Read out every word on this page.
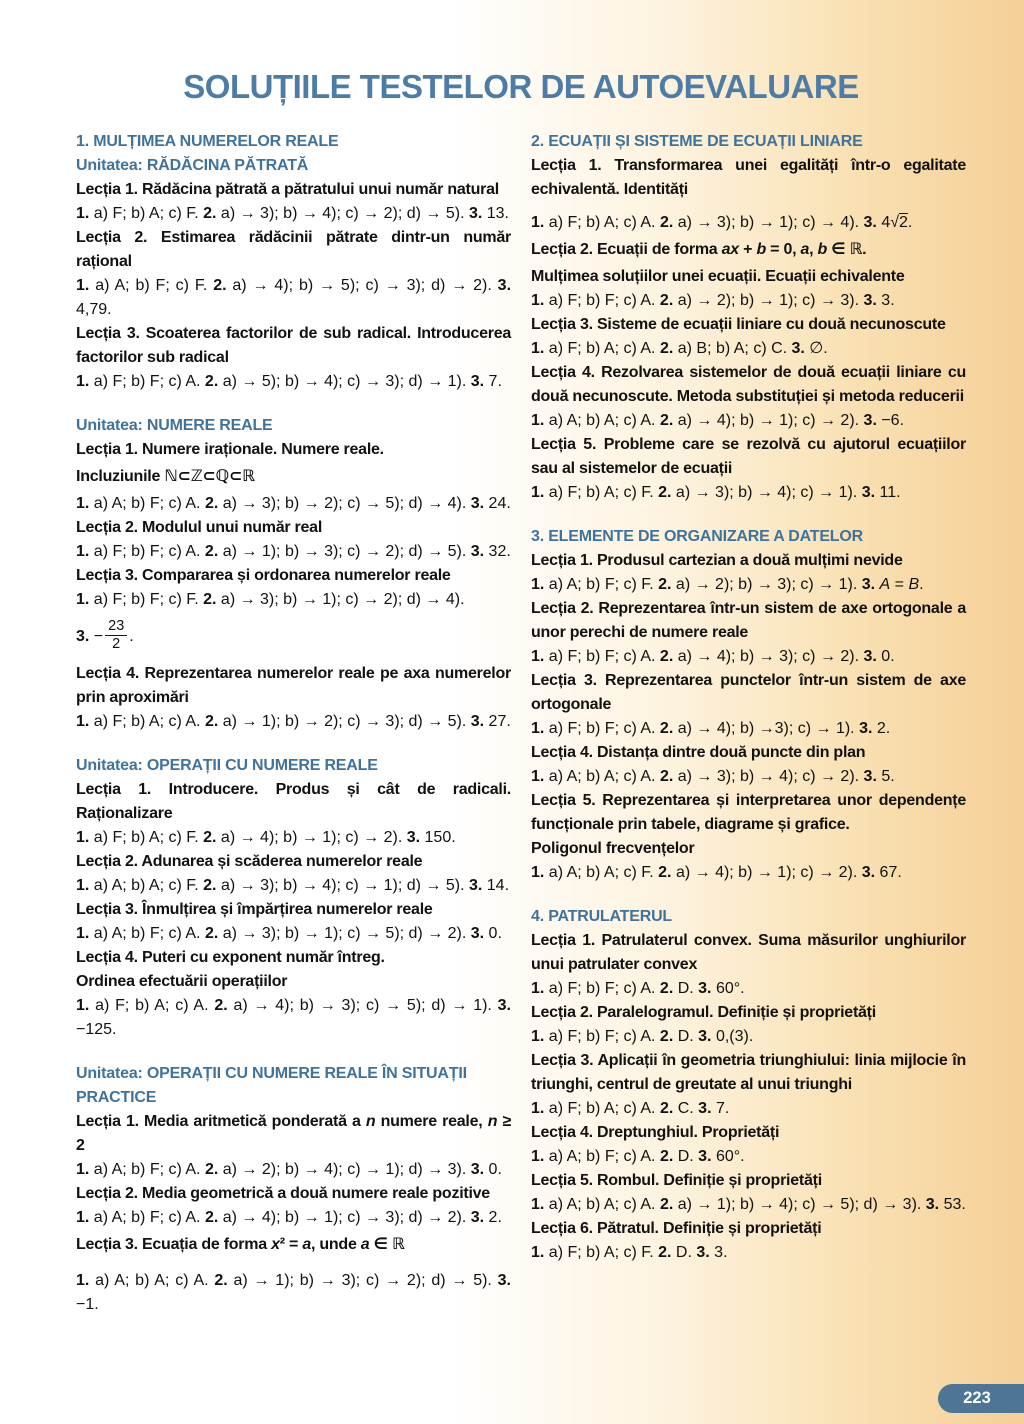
SOLUȚIILE TESTELOR DE AUTOEVALUARE

1. MULȚIMEA NUMERELOR REALE

Unitatea: RĂDĂCINA PĂTRATĂ

Lecția 1. Rădăcina pătrată a pătratului unui număr natural

1. a) F; b) A; c) F. 2. a) → 3); b) → 4); c) → 2); d) → 5). 3. 13.

Lecția 2. Estimarea rădăcinii pătrate dintr-un număr rațional

1. a) A; b) F; c) F. 2. a) → 4); b) → 5); c) → 3); d) → 2). 3. 4,79.

Lecția 3. Scoaterea factorilor de sub radical. Introducerea factorilor sub radical

1. a) F; b) F; c) A. 2. a) → 5); b) → 4); c) → 3); d) → 1). 3. 7.

Unitatea: NUMERE REALE

Lecția 1. Numere iraționale. Numere reale.

Incluziunile ℕ⊂ℤ⊂ℚ⊂ℝ

1. a) A; b) F; c) A. 2. a) → 3); b) → 2); c) → 5); d) → 4). 3. 24.

Lecția 2. Modulul unui număr real

1. a) F; b) F; c) A. 2. a) → 1); b) → 3); c) → 2); d) → 5). 3. 32.

Lecția 3. Compararea și ordonarea numerelor reale

1. a) F; b) F; c) F. 2. a) → 3); b) → 1); c) → 2); d) → 4).

3. − $\frac{23}{2}$ .

Lecția 4. Reprezentarea numerelor reale pe axa numerelor prin aproximări

1. a) F; b) A; c) A. 2. a) → 1); b) → 2); c) → 3); d) → 5). 3. 27.

Unitatea: OPERAȚII CU NUMERE REALE

Lecția 1. Introducere. Produs și cât de radicali. Raționalizare

1. a) F; b) A; c) F. 2. a) → 4); b) → 1); c) → 2). 3. 150.

Lecția 2. Adunarea și scăderea numerelor reale

1. a) A; b) A; c) F. 2. a) → 3); b) → 4); c) → 1); d) → 5). 3. 14.

Lecția 3. Înmulțirea și împărțirea numerelor reale

1. a) A; b) F; c) A. 2. a) → 3); b) → 1); c) → 5); d) → 2). 3. 0.

Lecția 4. Puteri cu exponent număr întreg.

Ordinea efectuării operațiilor

1. a) F; b) A; c) A. 2. a) → 4); b) → 3); c) → 5); d) → 1). 3. −125.

Unitatea: OPERAȚII CU NUMERE REALE ÎN SITUAȚII PRACTICE

Lecția 1. Media aritmetică ponderată a n numere reale, n ≥ 2

1. a) A; b) F; c) A. 2. a) → 2); b) → 4); c) → 1); d) → 3). 3. 0.

Lecția 2. Media geometrică a două numere reale pozitive

1. a) A; b) F; c) A. 2. a) → 4); b) → 1); c) → 3); d) → 2). 3. 2.

Lecția 3. Ecuația de forma x² = a, unde a ∈ ℝ

1. a) A; b) A; c) A. 2. a) → 1); b) → 3); c) → 2); d) → 5). 3. −1.

2. ECUAȚII ȘI SISTEME DE ECUAȚII LINIARE

Lecția 1. Transformarea unei egalități într-o egalitate echivalentă. Identități

1. a) F; b) A; c) A. 2. a) → 3); b) → 1); c) → 4). 3. 4√2.

Lecția 2. Ecuații de forma ax + b = 0, a, b ∈ ℝ.

Mulțimea soluțiilor unei ecuații. Ecuații echivalente

1. a) F; b) F; c) A. 2. a) → 2); b) → 1); c) → 3). 3. 3.

Lecția 3. Sisteme de ecuații liniare cu două necunoscute

1. a) F; b) A; c) A. 2. a) B; b) A; c) C. 3. ∅.

Lecția 4. Rezolvarea sistemelor de două ecuații liniare cu două necunoscute. Metoda substituției și metoda reducerii

1. a) A; b) A; c) A. 2. a) → 4); b) → 1); c) → 2). 3. −6.

Lecția 5. Probleme care se rezolvă cu ajutorul ecuațiilor sau al sistemelor de ecuații

1. a) F; b) A; c) F. 2. a) → 3); b) → 4); c) → 1). 3. 11.

3. ELEMENTE DE ORGANIZARE A DATELOR

Lecția 1. Produsul cartezian a două mulțimi nevide

1. a) A; b) F; c) F. 2. a) → 2); b) → 3); c) → 1). 3. A = B.

Lecția 2. Reprezentarea într-un sistem de axe ortogonale a unor perechi de numere reale

1. a) F; b) F; c) A. 2. a) → 4); b) → 3); c) → 2). 3. 0.

Lecția 3. Reprezentarea punctelor într-un sistem de axe ortogonale

1. a) F; b) F; c) A. 2. a) → 4); b) →3); c) → 1). 3. 2.

Lecția 4. Distanța dintre două puncte din plan

1. a) A; b) A; c) A. 2. a) → 3); b) → 4); c) → 2). 3. 5.

Lecția 5. Reprezentarea și interpretarea unor dependențe funcționale prin tabele, diagrame și grafice.

Poligonul frecvențelor

1. a) A; b) A; c) F. 2. a) → 4); b) → 1); c) → 2). 3. 67.

4. PATRULATERUL

Lecția 1. Patrulaterul convex. Suma măsurilor unghiurilor unui patrulater convex

1. a) F; b) F; c) A. 2. D. 3. 60°.

Lecția 2. Paralelogramul. Definiție și proprietăți

1. a) F; b) F; c) A. 2. D. 3. 0,(3).

Lecția 3. Aplicații în geometria triunghiului: linia mijlocie în triunghi, centrul de greutate al unui triunghi

1. a) F; b) A; c) A. 2. C. 3. 7.

Lecția 4. Dreptunghiul. Proprietăți

1. a) A; b) F; c) A. 2. D. 3. 60°.

Lecția 5. Rombul. Definiție și proprietăți

1. a) A; b) A; c) A. 2. a) → 1); b) → 4); c) → 5); d) → 3). 3. 53.

Lecția 6. Pătratul. Definiție și proprietăți

1. a) F; b) A; c) F. 2. D. 3. 3.

223
